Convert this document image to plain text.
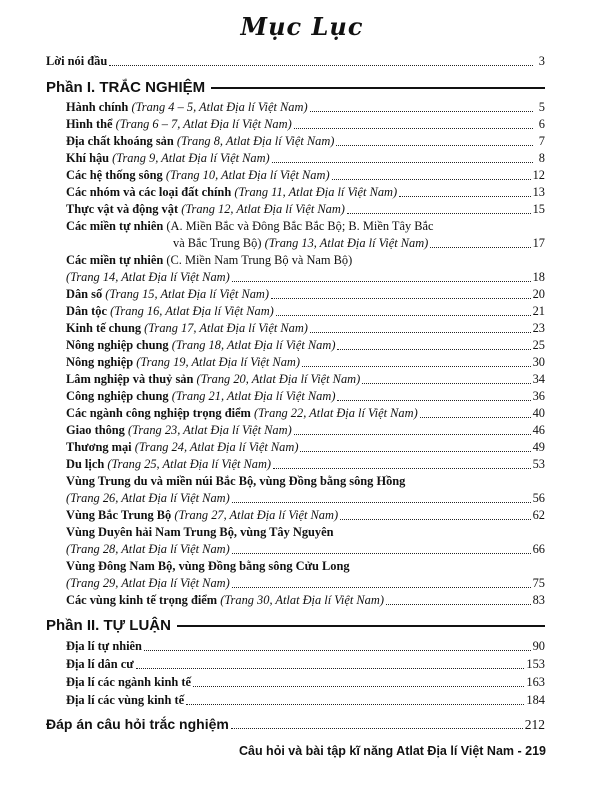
Mục Lục
Lời nói đầu	3
Phần I. TRẮC NGHIỆM
Hành chính
(Trang 4 – 5, Atlat Địa lí Việt Nam)	5
Hình thể
(Trang 6 – 7, Atlat Địa lí Việt Nam)	6
Địa chất khoáng sản
(Trang 8, Atlat Địa lí Việt Nam)	7
Khí hậu
(Trang 9, Atlat Địa lí Việt Nam)	8
Các hệ thống sông
(Trang 10, Atlat Địa lí Việt Nam)	12
Các nhóm và các loại đất chính
(Trang 11, Atlat Địa lí Việt Nam)	13
Thực vật và động vật
(Trang 12, Atlat Địa lí Việt Nam)	15
Các miền tự nhiên
(A. Miền Bắc và Đông Bắc Bắc Bộ; B. Miền Tây Bắc
và Bắc Trung Bộ)
(Trang 13, Atlat Địa lí Việt Nam)	17
Các miền tự nhiên
(C. Miền Nam Trung Bộ và Nam Bộ)
(Trang 14, Atlat Địa lí Việt Nam)	18
Dân số
(Trang 15, Atlat Địa lí Việt Nam)	20
Dân tộc
(Trang 16, Atlat Địa lí Việt Nam)	21
Kinh tế chung
(Trang 17, Atlat Địa lí Việt Nam)	23
Nông nghiệp chung
(Trang 18, Atlat Địa lí Việt Nam)	25
Nông nghiệp
(Trang 19, Atlat Địa lí Việt Nam)	30
Lâm nghiệp và thuỷ sản
(Trang 20, Atlat Địa lí Việt Nam)	34
Công nghiệp chung
(Trang 21, Atlat Địa lí Việt Nam)	36
Các ngành công nghiệp trọng điểm
(Trang 22, Atlat Địa lí Việt Nam)	40
Giao thông
(Trang 23, Atlat Địa lí Việt Nam)	46
Thương mại
(Trang 24, Atlat Địa lí Việt Nam)	49
Du lịch
(Trang 25, Atlat Địa lí Việt Nam)	53
Vùng Trung du và miền núi Bắc Bộ, vùng Đồng bằng sông Hồng
(Trang 26, Atlat Địa lí Việt Nam)	56
Vùng Bắc Trung Bộ
(Trang 27, Atlat Địa lí Việt Nam)	62
Vùng Duyên hải Nam Trung Bộ, vùng Tây Nguyên
(Trang 28, Atlat Địa lí Việt Nam)	66
Vùng Đông Nam Bộ, vùng Đồng bằng sông Cửu Long
(Trang 29, Atlat Địa lí Việt Nam)	75
Các vùng kinh tế trọng điểm
(Trang 30, Atlat Địa lí Việt Nam)	83
Phần II. TỰ LUẬN
Địa lí tự nhiên	90
Địa lí dân cư	153
Địa lí các ngành kinh tế	163
Địa lí các vùng kinh tế	184
Đáp án câu hỏi trắc nghiệm	212
Câu hỏi và bài tập kĩ năng Atlat Địa lí Việt Nam - 219
